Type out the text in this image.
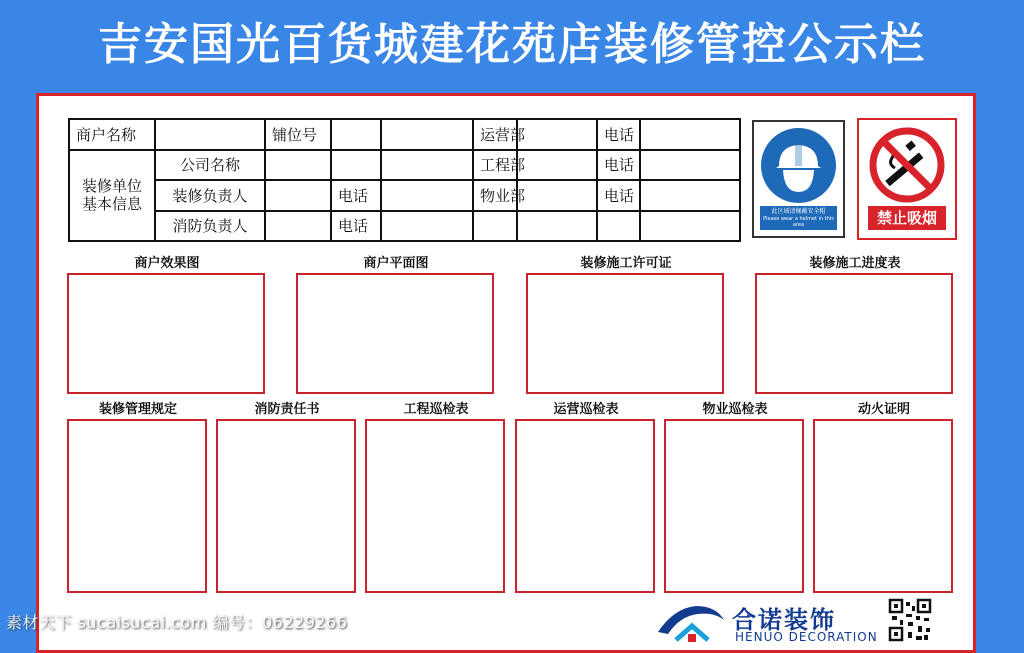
吉安国光百货城建花苑店装修管控公示栏
商户名称		铺位号			运营部		电话	
装修单位
基本信息	公司名称				工程部		电话	
	装修负责人		电话		物业部		电话	
	消防负责人		电话					
此区域请佩戴安全帽
Please wear a helmet in this area	禁止吸烟
商户效果图	商户平面图	装修施工许可证	装修施工进度表
装修管理规定	消防责任书	工程巡检表	运营巡检表	物业巡检表	动火证明
素材天下 sucaisucai.com 编号：06229266	合诺装饰
HENUO DECORATION
